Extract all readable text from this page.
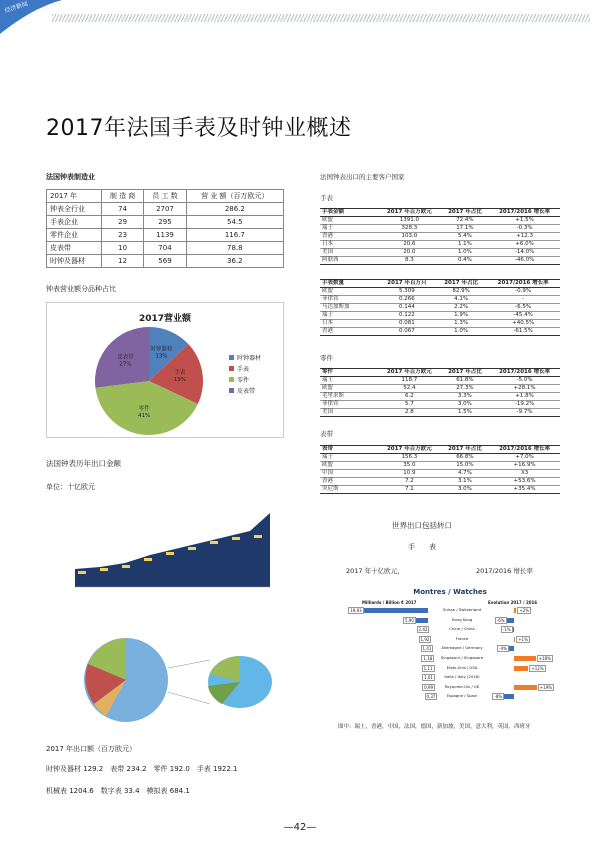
经济新闻
2017年法国手表及时钟业概述
法国钟表制造业
2017 年	制 造 商	员 工 数	营 业 额（百万欧元）
钟表全行业	74	2707	286.2
手表企业	29	295	54.5
零件企业	23	1139	116.7
皮表带	10	704	78.8
时钟及器材	12	569	36.2
钟表营业额分品种占比
2017营业额
时钟器材
13%
手表
19%
零件
41%
皮表带
27%
时钟器材
手表
零件
皮表带
法国钟表历年出口金额
单位：十亿欧元
2017 年出口额（百万欧元）
时钟及器材 129.2　表带 234.2　零件 192.0　手表 1922.1
机械表 1204.6　数字表 33.4　模拟表 684.1
法国钟表出口的主要客户国家
手表
手表金额	2017 年百万欧元	2017 年占比	2017/2016 增长率
欧盟	1391.0	72.4%	+1.5%
瑞士	328.3	17.1%	-0.3%
香港	103.0	5.4%	+12.3
日本	20.6	1.1%	+6.0%
美国	20.0	1.0%	-14.0%
阿联酋	8.3	0.4%	-46.0%
手表数量	2017 年百万只	2017 年占比	2017/2016 增长率
欧盟	5.309	82.9%	-0.9%
菲律宾	0.266	4.1%	-
马达加斯加	0.144	2.2%	-6.5%
瑞士	0.122	1.9%	-45.4%
日本	0.081	1.3%	+40.5%
香港	0.067	1.0%	-61.5%
零件
零件	2017 年百万欧元	2017 年占比	2017/2016 增长率
瑞士	118.7	61.8%	-5.0%
欧盟	52.4	27.3%	+28.1%
毛里求斯	6.2	3.3%	+1.8%
菲律宾	5.7	3.0%	-19.2%
美国	2.8	1.5%	-9.7%
表带
表带	2017 年百万欧元	2017 年占比	2017/2016 增长率
瑞士	156.3	66.8%	+7.0%
欧盟	35.0	15.0%	+16.9%
中国	10.9	4.7%	X3
香港	7.2	3.1%	+53.6%
突尼斯	7.1	3.0%	+35.4%
世界出口包括转口
手　　表
2017 年十亿欧元，	2017/2016 增长率
Montres / Watches
Milliards / Billion € 2017	Evolution 2017 / 2016
19,93	Suisse / Switzerland	+2%
5,90	Hong Kong	-6%
2,42	Chine / China	-1%
1,92	France	+1%
1,41	Allemagne / Germany	-4%
1,18	Singapour / Singapore	+18%
1,11	Etats-Unis / USA	+12%
1,01	Italie / Italy (2016)
0,99	Royaume-Uni / UK	+19%
0,37	Espagne / Spain	-8%
图中：瑞士，香港，中国，法国，德国，新加坡，美国，意大利，英国，西班牙
—42—
